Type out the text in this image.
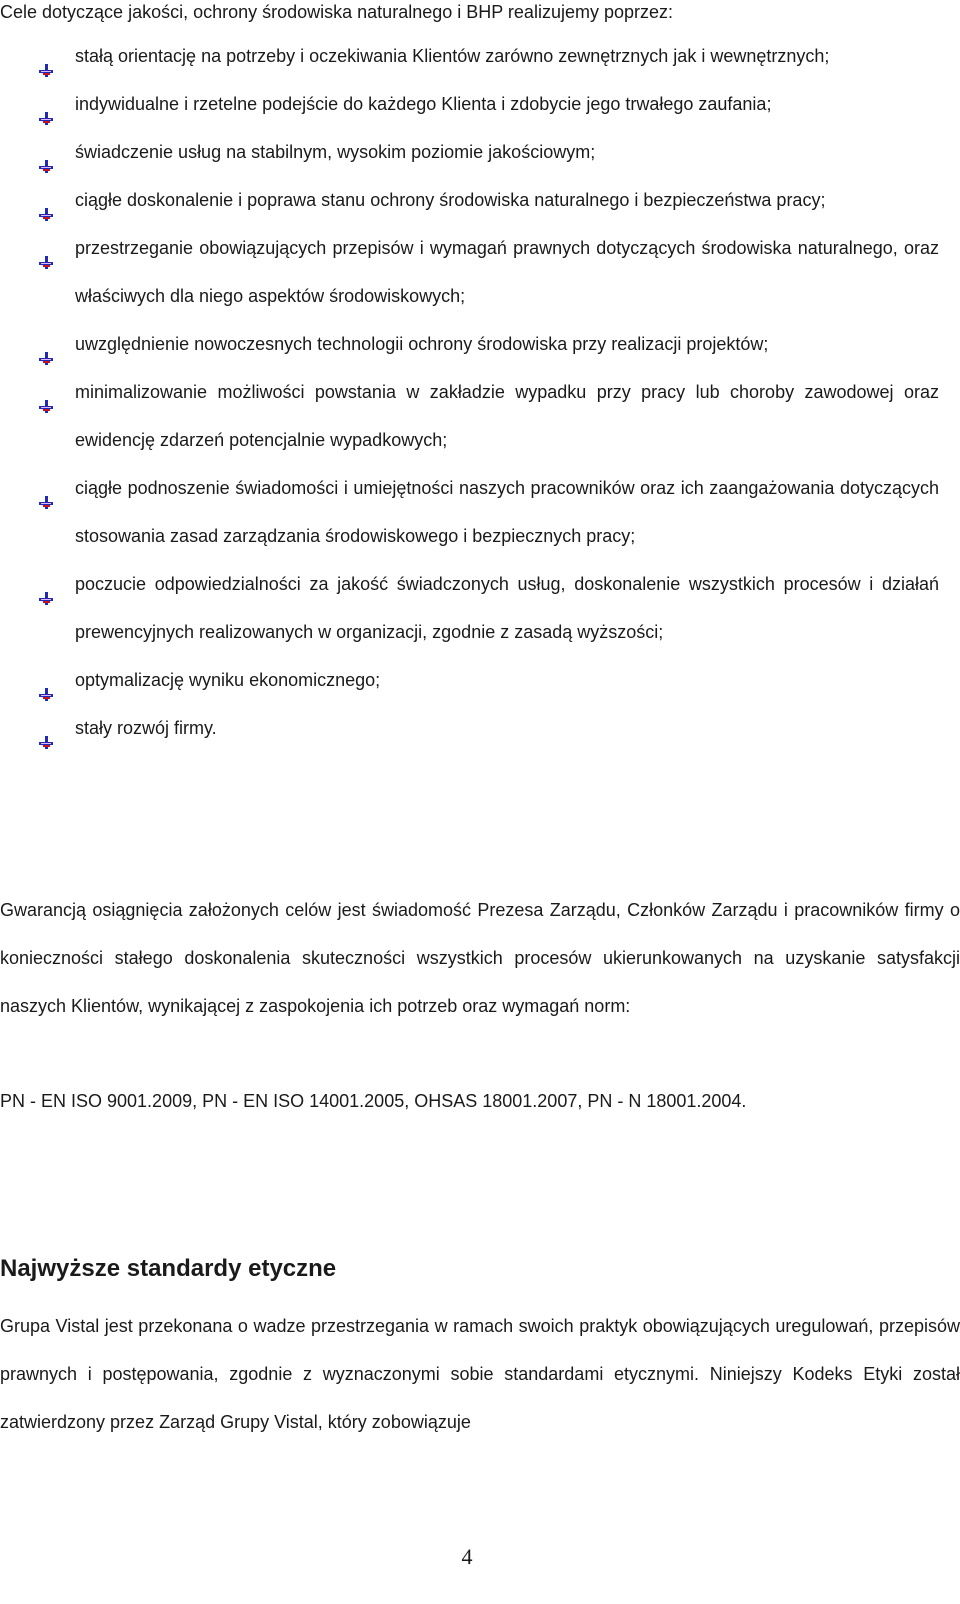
Cele dotyczące jakości, ochrony środowiska naturalnego i BHP realizujemy poprzez:

stałą orientację na potrzeby i oczekiwania Klientów zarówno zewnętrznych jak i wewnętrznych;
indywidualne i rzetelne podejście do każdego Klienta i zdobycie jego trwałego zaufania;
świadczenie usług na stabilnym, wysokim poziomie jakościowym;
ciągłe doskonalenie i poprawa stanu ochrony środowiska naturalnego i bezpieczeństwa pracy;
przestrzeganie obowiązujących przepisów i wymagań prawnych dotyczących środowiska naturalnego, oraz właściwych dla niego aspektów środowiskowych;
uwzględnienie nowoczesnych technologii ochrony środowiska przy realizacji projektów;
minimalizowanie możliwości powstania w zakładzie wypadku przy pracy lub choroby zawodowej oraz ewidencję zdarzeń potencjalnie wypadkowych;
ciągłe podnoszenie świadomości i umiejętności naszych pracowników oraz ich zaangażowania dotyczących stosowania zasad zarządzania środowiskowego i bezpiecznych pracy;
poczucie odpowiedzialności za jakość świadczonych usług, doskonalenie wszystkich procesów i działań prewencyjnych realizowanych w organizacji, zgodnie z zasadą wyższości;
optymalizację wyniku ekonomicznego;
stały rozwój firmy.

Gwarancją osiągnięcia założonych celów jest świadomość Prezesa Zarządu, Członków Zarządu i pracowników firmy o konieczności stałego doskonalenia skuteczności wszystkich procesów ukierunkowanych na uzyskanie satysfakcji naszych Klientów, wynikającej z zaspokojenia ich potrzeb oraz wymagań norm:

PN - EN ISO 9001.2009, PN - EN ISO 14001.2005, OHSAS 18001.2007, PN - N 18001.2004.

Najwyższe standardy etyczne

Grupa Vistal jest przekonana o wadze przestrzegania w ramach swoich praktyk obowiązujących uregulowań, przepisów prawnych i postępowania, zgodnie z wyznaczonymi sobie standardami etycznymi. Niniejszy Kodeks Etyki został zatwierdzony przez Zarząd Grupy Vistal, który zobowiązuje

4
